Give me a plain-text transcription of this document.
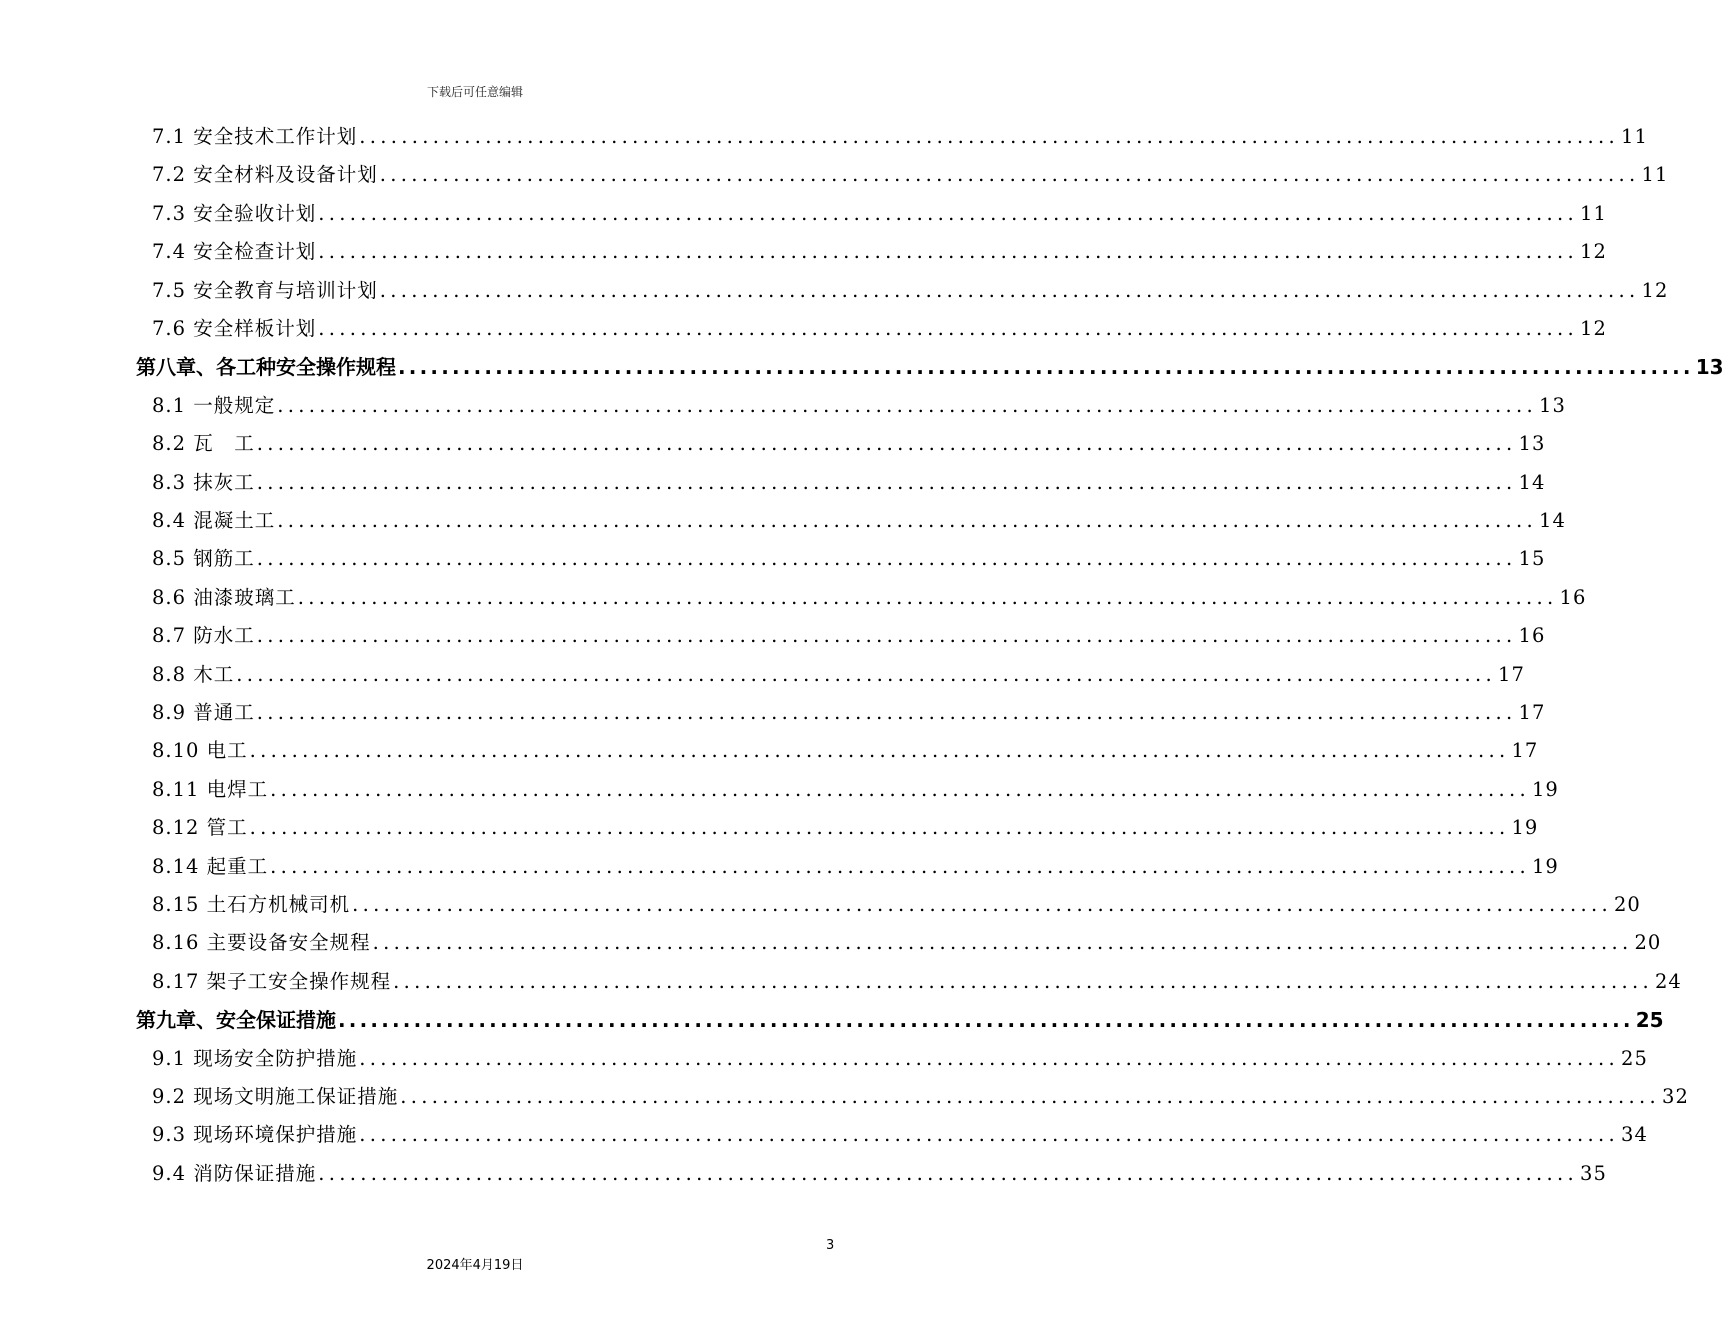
下载后可任意编辑
7.1 安全技术工作计划 ........................................................................................................................ 11
7.2 安全材料及设备计划 ........................................................................................................................ 11
7.3 安全验收计划 ........................................................................................................................ 11
7.4 安全检查计划 ........................................................................................................................ 12
7.5 安全教育与培训计划 ........................................................................................................................ 12
7.6 安全样板计划 ........................................................................................................................ 12
第八章、各工种安全操作规程 ........................................................................................................................ 13
8.1 一般规定 ........................................................................................................................ 13
8.2 瓦　工 ........................................................................................................................ 13
8.3 抹灰工 ........................................................................................................................ 14
8.4 混凝土工 ........................................................................................................................ 14
8.5 钢筋工 ........................................................................................................................ 15
8.6 油漆玻璃工 ........................................................................................................................ 16
8.7 防水工 ........................................................................................................................ 16
8.8 木工 ........................................................................................................................ 17
8.9 普通工 ........................................................................................................................ 17
8.10 电工 ........................................................................................................................ 17
8.11 电焊工 ........................................................................................................................ 19
8.12 管工 ........................................................................................................................ 19
8.14 起重工 ........................................................................................................................ 19
8.15 土石方机械司机 ........................................................................................................................ 20
8.16 主要设备安全规程 ........................................................................................................................ 20
8.17 架子工安全操作规程 ........................................................................................................................ 24
第九章、安全保证措施 ........................................................................................................................ 25
9.1 现场安全防护措施 ........................................................................................................................ 25
9.2 现场文明施工保证措施 ........................................................................................................................ 32
9.3 现场环境保护措施 ........................................................................................................................ 34
9.4 消防保证措施 ........................................................................................................................ 35
3
2024年4月19日
